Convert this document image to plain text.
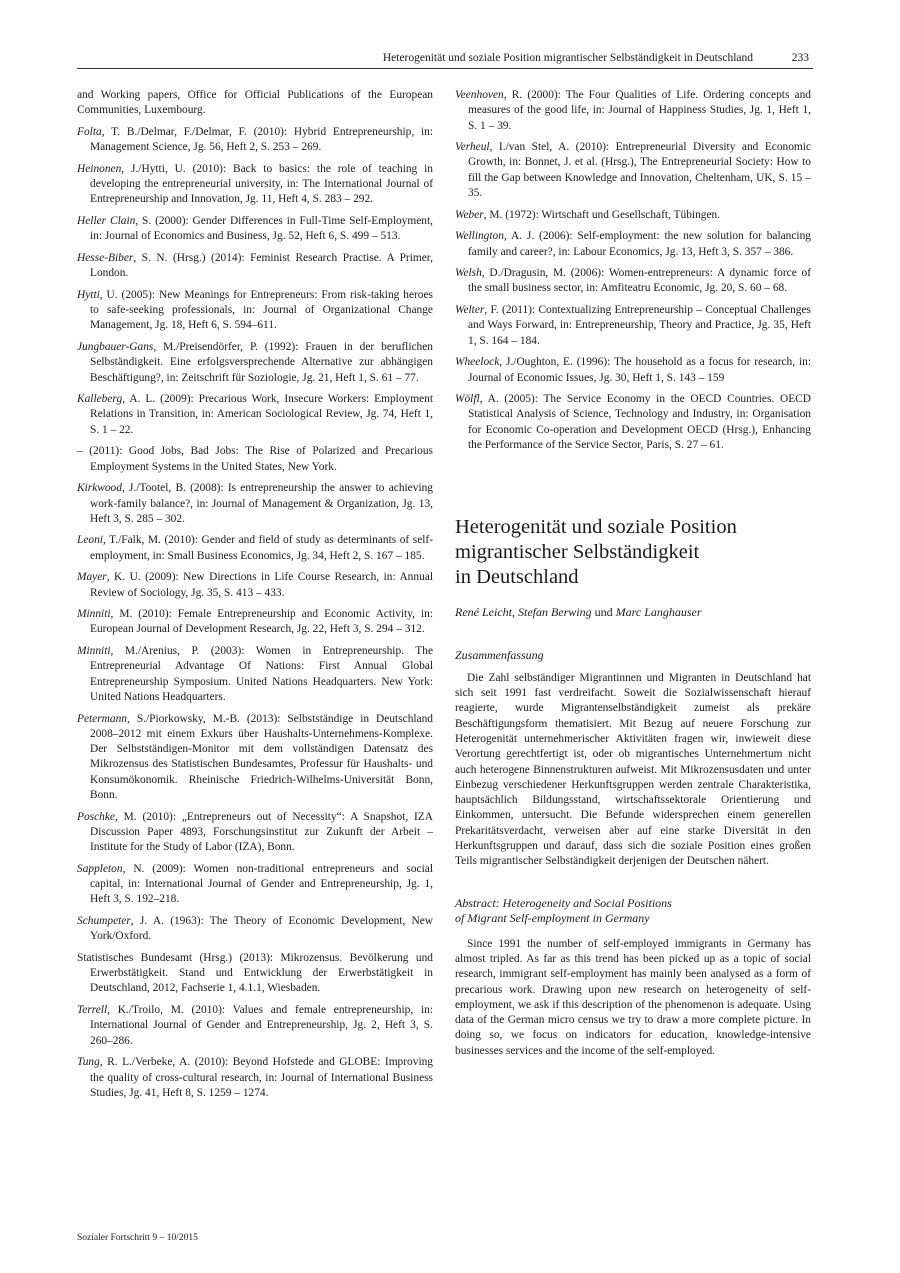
Heterogenität und soziale Position migrantischer Selbständigkeit in Deutschland	233

and Working papers, Office for Official Publications of the European Communities, Luxembourg.

Folta, T. B./Delmar, F./Delmar, F. (2010): Hybrid Entrepreneurship, in: Management Science, Jg. 56, Heft 2, S. 253 – 269.

Heinonen, J./Hytti, U. (2010): Back to basics: the role of teaching in developing the entrepreneurial university, in: The International Journal of Entrepreneurship and Innovation, Jg. 11, Heft 4, S. 283 – 292.

Heller Clain, S. (2000): Gender Differences in Full-Time Self-Employment, in: Journal of Economics and Business, Jg. 52, Heft 6, S. 499 – 513.

Hesse-Biber, S. N. (Hrsg.) (2014): Feminist Research Practise. A Primer, London.

Hytti, U. (2005): New Meanings for Entrepreneurs: From risk-taking heroes to safe-seeking professionals, in: Journal of Organizational Change Management, Jg. 18, Heft 6, S. 594–611.

Jungbauer-Gans, M./Preisendörfer, P. (1992): Frauen in der beruflichen Selbständigkeit. Eine erfolgsversprechende Alternative zur abhängigen Beschäftigung?, in: Zeitschrift für Soziologie, Jg. 21, Heft 1, S. 61 – 77.

Kalleberg, A. L. (2009): Precarious Work, Insecure Workers: Employment Relations in Transition, in: American Sociological Review, Jg. 74, Heft 1, S. 1 – 22.

– (2011): Good Jobs, Bad Jobs: The Rise of Polarized and Precarious Employment Systems in the United States, New York.

Kirkwood, J./Tootel, B. (2008): Is entrepreneurship the answer to achieving work-family balance?, in: Journal of Management & Organization, Jg. 13, Heft 3, S. 285 – 302.

Leoni, T./Falk, M. (2010): Gender and field of study as determinants of self-employment, in: Small Business Economics, Jg. 34, Heft 2, S. 167 – 185.

Mayer, K. U. (2009): New Directions in Life Course Research, in: Annual Review of Sociology, Jg. 35, S. 413 – 433.

Minniti, M. (2010): Female Entrepreneurship and Economic Activity, in: European Journal of Development Research, Jg. 22, Heft 3, S. 294 – 312.

Minniti, M./Arenius, P. (2003): Women in Entrepreneurship. The Entrepreneurial Advantage Of Nations: First Annual Global Entrepreneurship Symposium. United Nations Headquarters. New York: United Nations Headquarters.

Petermann, S./Piorkowsky, M.-B. (2013): Selbstständige in Deutschland 2008–2012 mit einem Exkurs über Haushalts-Unternehmens-Komplexe. Der Selbstständigen-Monitor mit dem vollständigen Datensatz des Mikrozensus des Statistischen Bundesamtes, Professur für Haushalts- und Konsumökonomik. Rheinische Friedrich-Wilhelms-Universität Bonn, Bonn.

Poschke, M. (2010): „Entrepreneurs out of Necessity“: A Snapshot, IZA Discussion Paper 4893, Forschungsinstitut zur Zukunft der Arbeit – Institute for the Study of Labor (IZA), Bonn.

Sappleton, N. (2009): Women non-traditional entrepreneurs and social capital, in: International Journal of Gender and Entrepreneurship, Jg. 1, Heft 3, S. 192–218.

Schumpeter, J. A. (1963): The Theory of Economic Development, New York/Oxford.

Statistisches Bundesamt (Hrsg.) (2013): Mikrozensus. Bevölkerung und Erwerbstätigkeit. Stand und Entwicklung der Erwerbstätigkeit in Deutschland, 2012, Fachserie 1, 4.1.1, Wiesbaden.

Terrell, K./Troilo, M. (2010): Values and female entrepreneurship, in: International Journal of Gender and Entrepreneurship, Jg. 2, Heft 3, S. 260–286.

Tung, R. L./Verbeke, A. (2010): Beyond Hofstede and GLOBE: Improving the quality of cross-cultural research, in: Journal of International Business Studies, Jg. 41, Heft 8, S. 1259 – 1274.

Veenhoven, R. (2000): The Four Qualities of Life. Ordering concepts and measures of the good life, in: Journal of Happiness Studies, Jg. 1, Heft 1, S. 1 – 39.

Verheul, I./van Stel, A. (2010): Entrepreneurial Diversity and Economic Growth, in: Bonnet, J. et al. (Hrsg.), The Entrepreneurial Society: How to fill the Gap between Knowledge and Innovation, Cheltenham, UK, S. 15 – 35.

Weber, M. (1972): Wirtschaft und Gesellschaft, Tübingen.

Wellington, A. J. (2006): Self-employment: the new solution for balancing family and career?, in: Labour Economics, Jg. 13, Heft 3, S. 357 – 386.

Welsh, D./Dragusin, M. (2006): Women-entrepreneurs: A dynamic force of the small business sector, in: Amfiteatru Economic, Jg. 20, S. 60 – 68.

Welter, F. (2011): Contextualizing Entrepreneurship – Conceptual Challenges and Ways Forward, in: Entrepreneurship, Theory and Practice, Jg. 35, Heft 1, S. 164 – 184.

Wheelock, J./Oughton, E. (1996): The household as a focus for research, in: Journal of Economic Issues, Jg. 30, Heft 1, S. 143 – 159

Wölfl, A. (2005): The Service Economy in the OECD Countries. OECD Statistical Analysis of Science, Technology and Industry, in: Organisation for Economic Co-operation and Development OECD (Hrsg.), Enhancing the Performance of the Service Sector, Paris, S. 27 – 61.

Heterogenität und soziale Position
migrantischer Selbständigkeit
in Deutschland
René Leicht, Stefan Berwing und Marc Langhauser
Zusammenfassung

Die Zahl selbständiger Migrantinnen und Migranten in Deutschland hat sich seit 1991 fast verdreifacht. Soweit die Sozialwissenschaft hierauf reagierte, wurde Migrantenselbständigkeit zumeist als prekäre Beschäftigungsform thematisiert. Mit Bezug auf neuere Forschung zur Heterogenität unternehmerischer Aktivitäten fragen wir, inwieweit diese Verortung gerechtfertigt ist, oder ob migrantisches Unternehmertum nicht auch heterogene Binnenstrukturen aufweist. Mit Mikrozensusdaten und unter Einbezug verschiedener Herkunftsgruppen werden zentrale Charakteristika, hauptsächlich Bildungsstand, wirtschaftssektorale Orientierung und Einkommen, untersucht. Die Befunde widersprechen einem generellen Prekaritätsverdacht, verweisen aber auf eine starke Diversität in den Herkunftsgruppen und darauf, dass sich die soziale Position eines großen Teils migrantischer Selbständigkeit derjenigen der Deutschen nähert.

Abstract: Heterogeneity and Social Positions
of Migrant Self-employment in Germany

Since 1991 the number of self-employed immigrants in Germany has almost tripled. As far as this trend has been picked up as a topic of social research, immigrant self-employment has mainly been analysed as a form of precarious work. Drawing upon new research on heterogeneity of self-employment, we ask if this description of the phenomenon is adequate. Using data of the German micro census we try to draw a more complete picture. In doing so, we focus on indicators for education, knowledge-intensive businesses services and the income of the self-employed.

Sozialer Fortschritt 9 – 10/2015
